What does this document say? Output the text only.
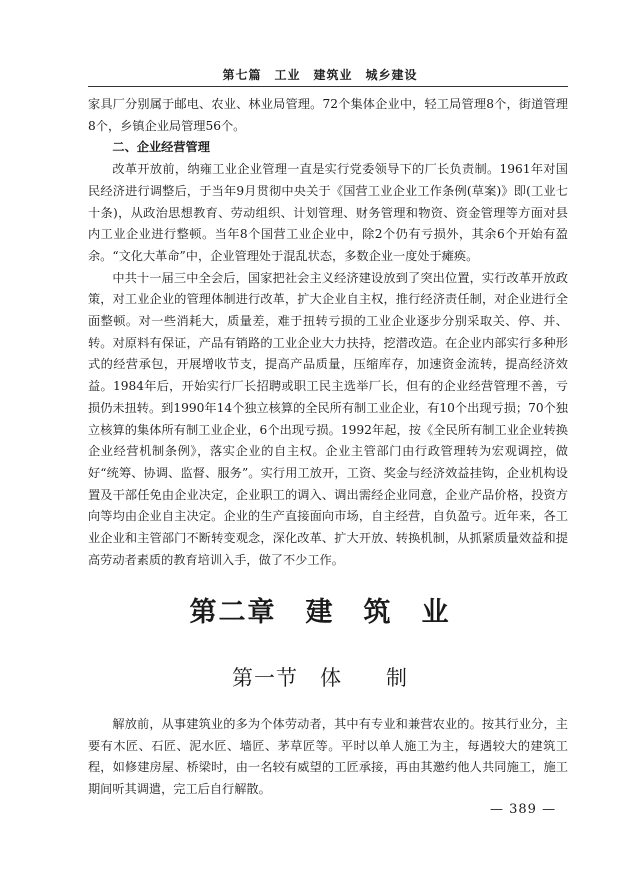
第七篇　工业　建筑业　城乡建设

家具厂分别属于邮电、农业、林业局管理。72个集体企业中，轻工局管理8个，街道管理8个，乡镇企业局管理56个。

二、企业经营管理

改革开放前，纳雍工业企业管理一直是实行党委领导下的厂长负责制。1961年对国民经济进行调整后，于当年9月贯彻中央关于《国营工业企业工作条例(草案)》即(工业七十条)，从政治思想教育、劳动组织、计划管理、财务管理和物资、资金管理等方面对县内工业企业进行整顿。当年8个国营工业企业中，除2个仍有亏损外，其余6个开始有盈余。“文化大革命”中，企业管理处于混乱状态，多数企业一度处于瘫痪。

中共十一届三中全会后，国家把社会主义经济建设放到了突出位置，实行改革开放政策，对工业企业的管理体制进行改革，扩大企业自主权，推行经济责任制，对企业进行全面整顿。对一些消耗大，质量差，难于扭转亏损的工业企业逐步分别采取关、停、并、转。对原料有保证，产品有销路的工业企业大力扶持，挖潜改造。在企业内部实行多种形式的经营承包，开展增收节支，提高产品质量，压缩库存，加速资金流转，提高经济效益。1984年后，开始实行厂长招聘或职工民主选举厂长，但有的企业经营管理不善，亏损仍未扭转。到1990年14个独立核算的全民所有制工业企业，有10个出现亏损；70个独立核算的集体所有制工业企业，6个出现亏损。1992年起，按《全民所有制工业企业转换企业经营机制条例》，落实企业的自主权。企业主管部门由行政管理转为宏观调控，做好“统筹、协调、监督、服务”。实行用工放开，工资、奖金与经济效益挂钩，企业机构设置及干部任免由企业决定，企业职工的调入、调出需经企业同意，企业产品价格，投资方向等均由企业自主决定。企业的生产直接面向市场，自主经营，自负盈亏。近年来，各工业企业和主管部门不断转变观念，深化改革、扩大开放、转换机制，从抓紧质量效益和提高劳动者素质的教育培训入手，做了不少工作。

第二章　建　筑　业
第一节　体　　制

解放前，从事建筑业的多为个体劳动者，其中有专业和兼营农业的。按其行业分，主要有木匠、石匠、泥水匠、墙匠、茅草匠等。平时以单人施工为主，每遇较大的建筑工程，如修建房屋、桥梁时，由一名较有威望的工匠承接，再由其邀约他人共同施工，施工期间听其调遣，完工后自行解散。

— 389 —
